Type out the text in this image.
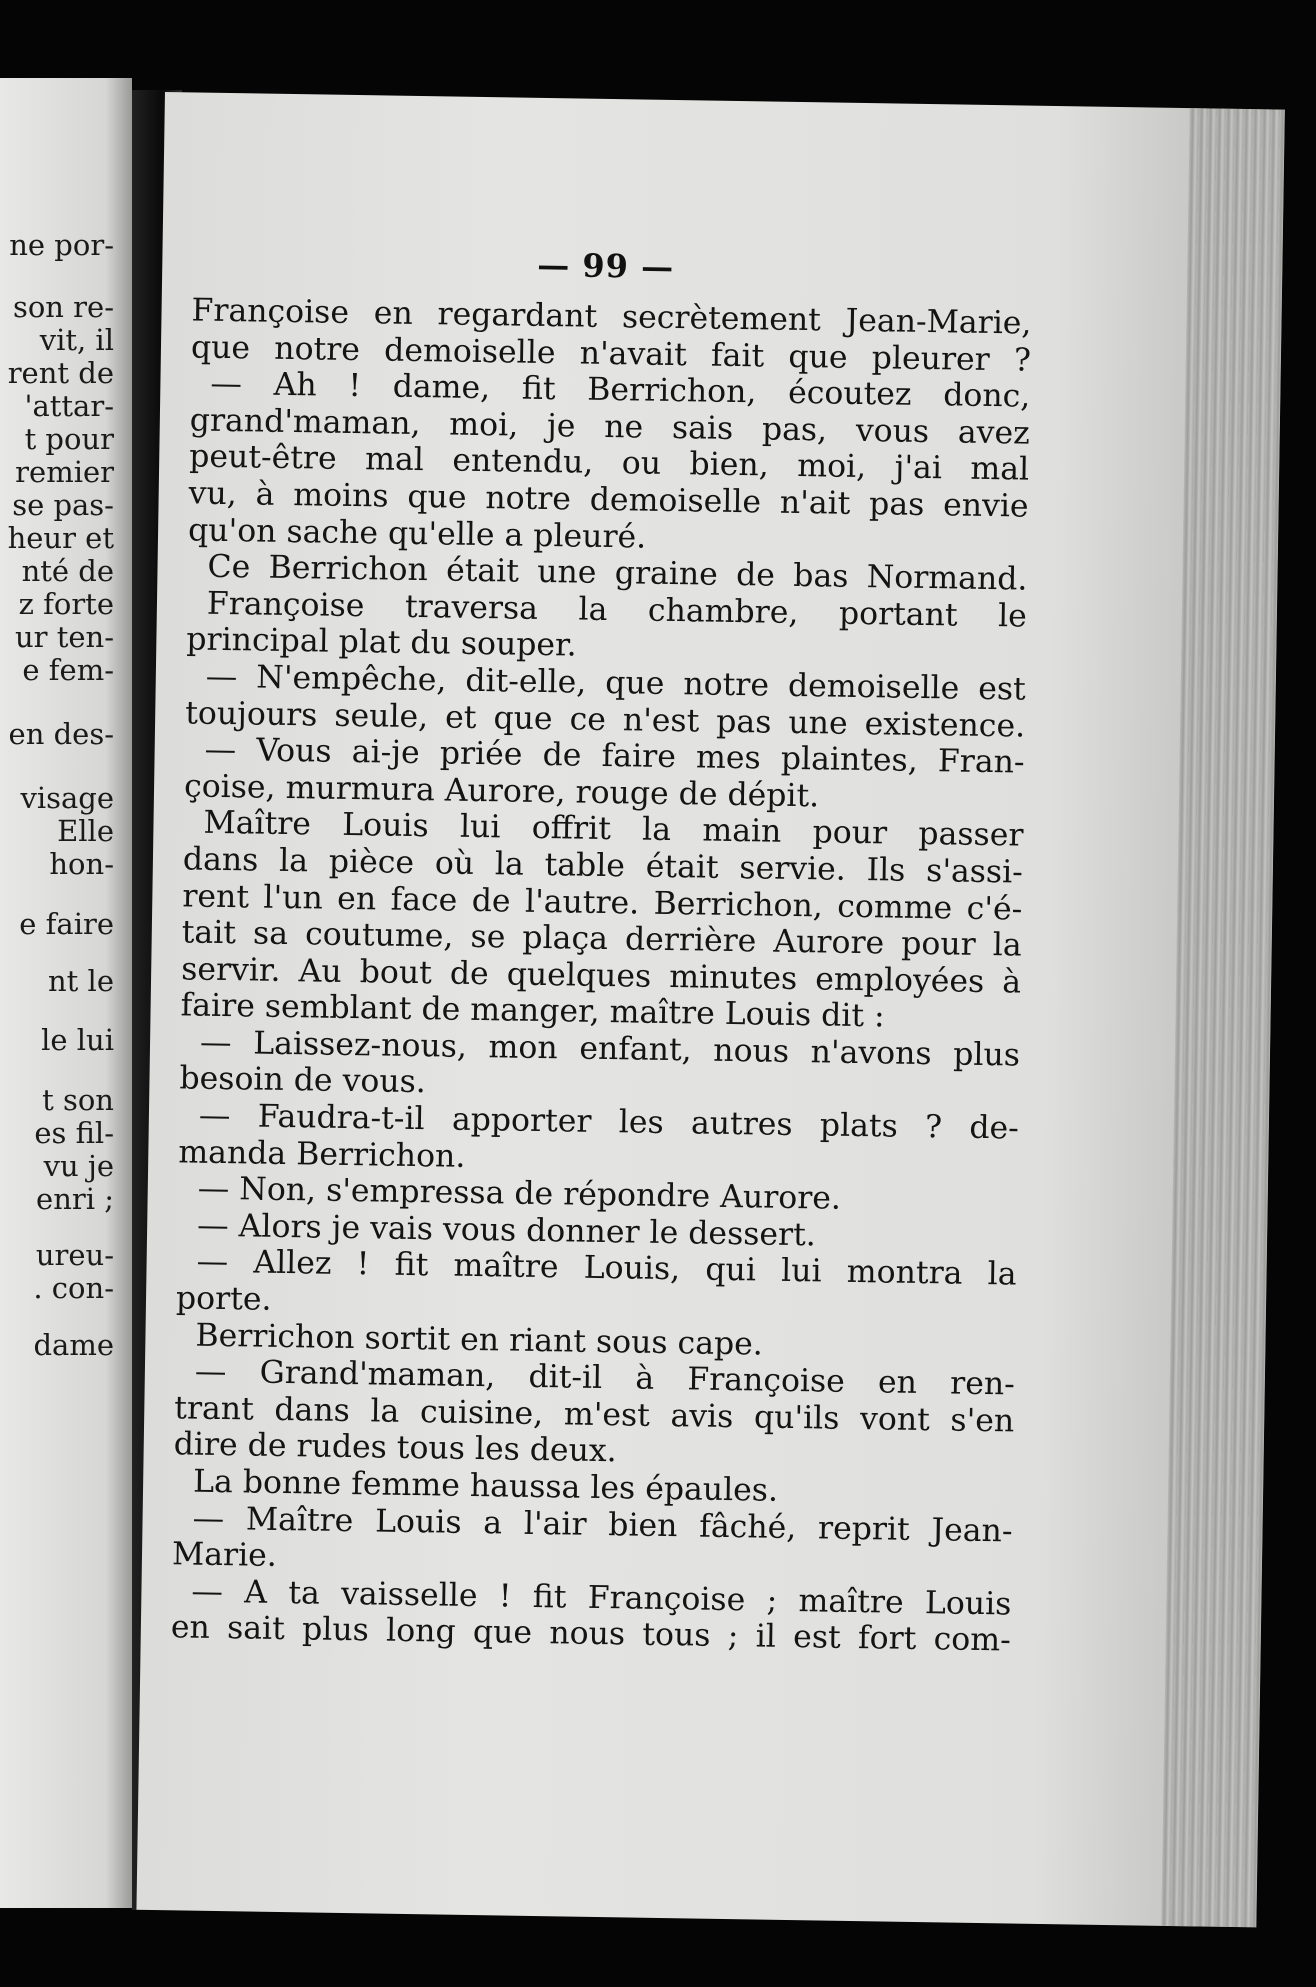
ne por-
son re-
vit, il
rent de
'attar-
t pour
remier
se pas-
heur et
nté de
z forte
ur ten-
e fem-
en des-
visage
Elle
hon-
e faire
nt le
le lui
t son
es fil-
vu je
enri ;
ureu-
. con-
dame
— 99 —
Françoise en regardant secrètement Jean-Marie,
que notre demoiselle n'avait fait que pleurer ?
— Ah ! dame, fit Berrichon, écoutez donc,
grand'maman, moi, je ne sais pas, vous avez
peut-être mal entendu, ou bien, moi, j'ai mal
vu, à moins que notre demoiselle n'ait pas envie
qu'on sache qu'elle a pleuré.
Ce Berrichon était une graine de bas Normand.
Françoise traversa la chambre, portant le
principal plat du souper.
— N'empêche, dit-elle, que notre demoiselle est
toujours seule, et que ce n'est pas une existence.
— Vous ai-je priée de faire mes plaintes, Fran-
çoise, murmura Aurore, rouge de dépit.
Maître Louis lui offrit la main pour passer
dans la pièce où la table était servie. Ils s'assi-
rent l'un en face de l'autre. Berrichon, comme c'é-
tait sa coutume, se plaça derrière Aurore pour la
servir. Au bout de quelques minutes employées à
faire semblant de manger, maître Louis dit :
— Laissez-nous, mon enfant, nous n'avons plus
besoin de vous.
— Faudra-t-il apporter les autres plats ? de-
manda Berrichon.
— Non, s'empressa de répondre Aurore.
— Alors je vais vous donner le dessert.
— Allez ! fit maître Louis, qui lui montra la
porte.
Berrichon sortit en riant sous cape.
— Grand'maman, dit-il à Françoise en ren-
trant dans la cuisine, m'est avis qu'ils vont s'en
dire de rudes tous les deux.
La bonne femme haussa les épaules.
— Maître Louis a l'air bien fâché, reprit Jean-
Marie.
— A ta vaisselle ! fit Françoise ; maître Louis
en sait plus long que nous tous ; il est fort com-
